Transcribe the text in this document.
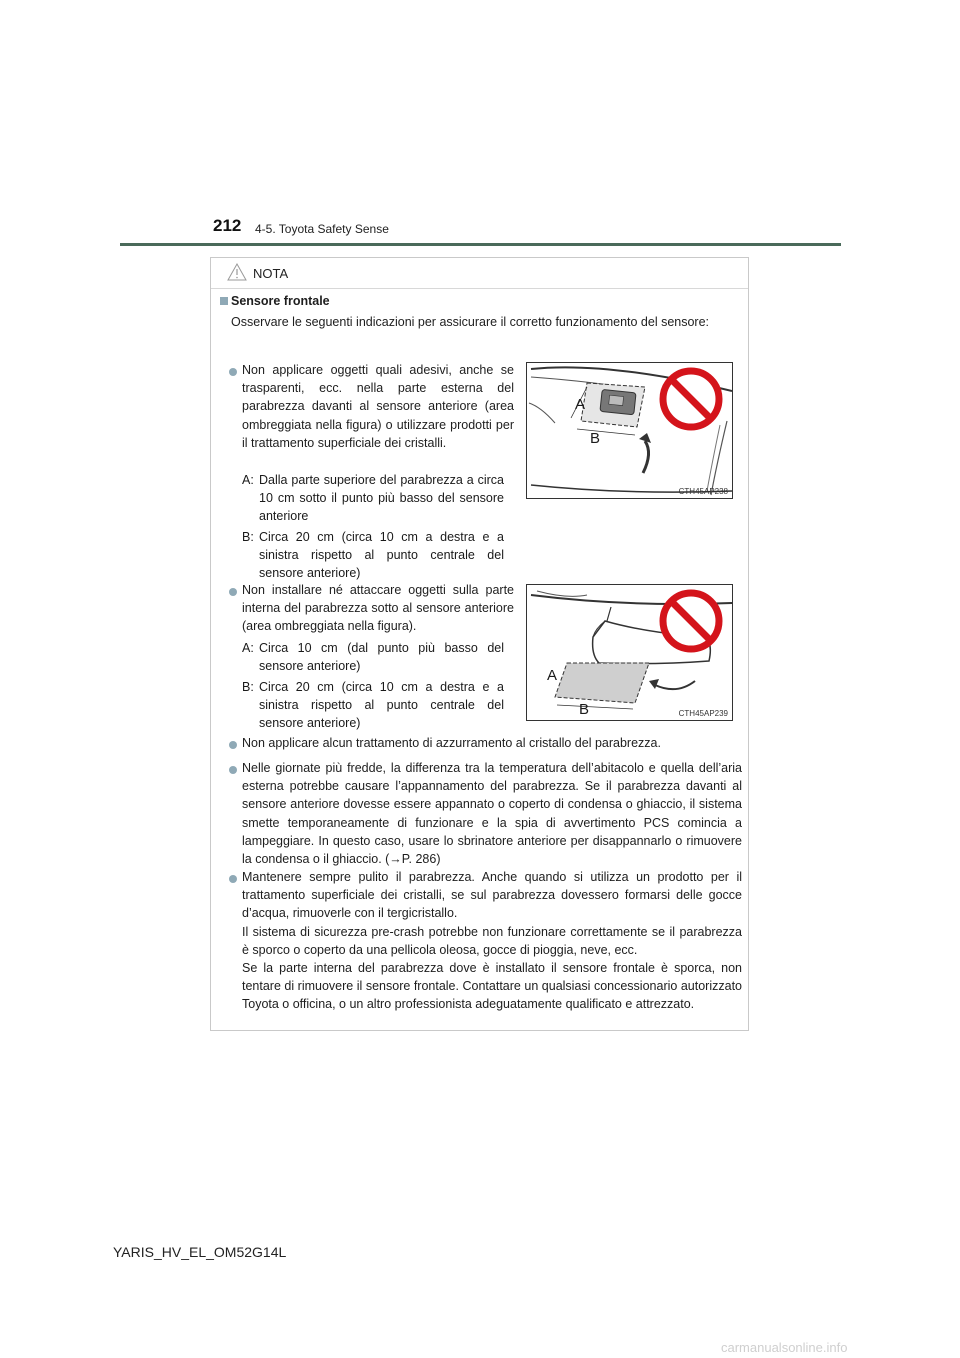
212 4-5. Toyota Safety Sense
NOTA
Sensore frontale
Osservare le seguenti indicazioni per assicurare il corretto funzionamento del sensore:
Non applicare oggetti quali adesivi, anche se trasparenti, ecc. nella parte esterna del parabrezza davanti al sensore anteriore (area ombreggiata nella figura) o utilizzare prodotti per il trattamento superficiale dei cristalli.
A: Dalla parte superiore del parabrezza a circa 10 cm sotto il punto più basso del sensore anteriore
B: Circa 20 cm (circa 10 cm a destra e a sinistra rispetto al punto centrale del sensore anteriore)
A
B
CTH45AP238
Non installare né attaccare oggetti sulla parte interna del parabrezza sotto al sensore anteriore (area ombreggiata nella figura).
A: Circa 10 cm (dal punto più basso del sensore anteriore)
B: Circa 20 cm (circa 10 cm a destra e a sinistra rispetto al punto centrale del sensore anteriore)
A
B	CTH45AP239
Non applicare alcun trattamento di azzurramento al cristallo del parabrezza.
Nelle giornate più fredde, la differenza tra la temperatura dell’abitacolo e quella dell’aria esterna potrebbe causare l’appannamento del parabrezza. Se il parabrezza davanti al sensore anteriore dovesse essere appannato o coperto di condensa o ghiaccio, il sistema smette temporaneamente di funzionare e la spia di avvertimento PCS comincia a lampeggiare. In questo caso, usare lo sbrinatore anteriore per disappannarlo o rimuovere la condensa o il ghiaccio. (→P. 286)
Mantenere sempre pulito il parabrezza. Anche quando si utilizza un prodotto per il trattamento superficiale dei cristalli, se sul parabrezza dovessero formarsi delle gocce d’acqua, rimuoverle con il tergicristallo.
Il sistema di sicurezza pre-crash potrebbe non funzionare correttamente se il parabrezza è sporco o coperto da una pellicola oleosa, gocce di pioggia, neve, ecc.
Se la parte interna del parabrezza dove è installato il sensore frontale è sporca, non tentare di rimuovere il sensore frontale. Contattare un qualsiasi concessionario autorizzato Toyota o officina, o un altro professionista adeguatamente qualificato e attrezzato.
YARIS_HV_EL_OM52G14L
carmanualsonline.info
